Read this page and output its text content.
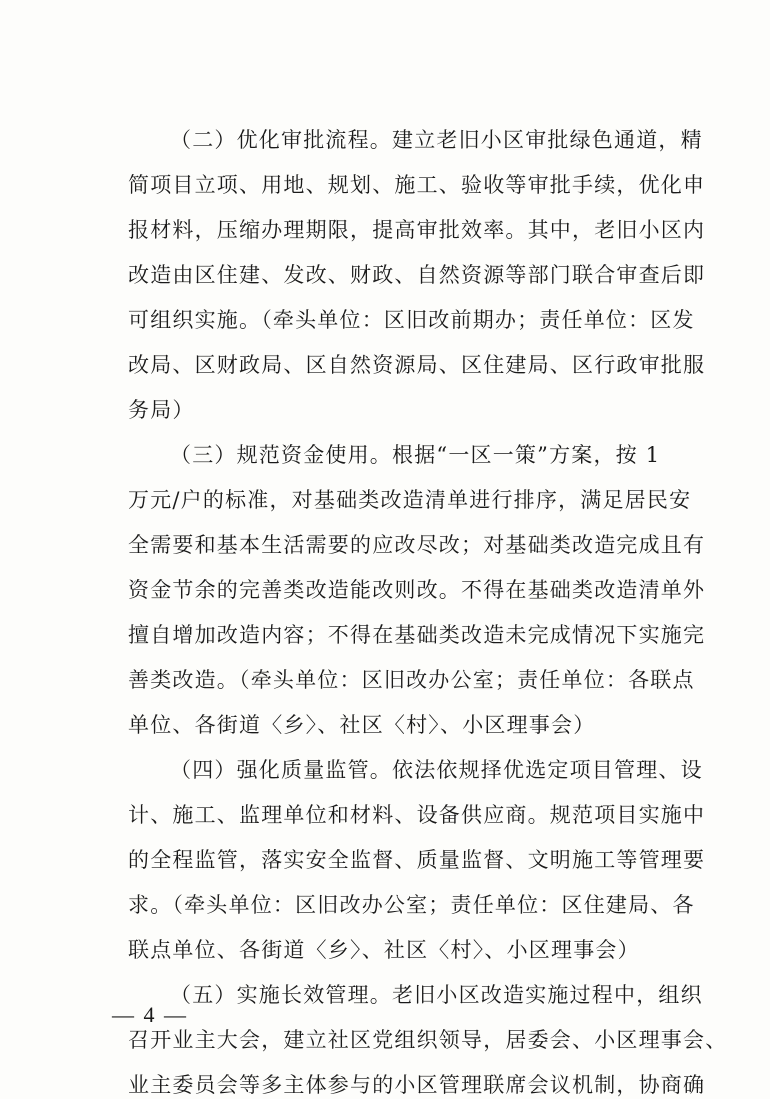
（二）优化审批流程。建立老旧小区审批绿色通道，精
简项目立项、用地、规划、施工、验收等审批手续，优化申
报材料，压缩办理期限，提高审批效率。其中，老旧小区内
改造由区住建、发改、财政、自然资源等部门联合审查后即
可组织实施。（牵头单位：区旧改前期办；责任单位：区发
改局、区财政局、区自然资源局、区住建局、区行政审批服
务局）
（三）规范资金使用。根据“一区一策”方案，按 1
万元/户的标准，对基础类改造清单进行排序，满足居民安
全需要和基本生活需要的应改尽改；对基础类改造完成且有
资金节余的完善类改造能改则改。不得在基础类改造清单外
擅自增加改造内容；不得在基础类改造未完成情况下实施完
善类改造。（牵头单位：区旧改办公室；责任单位：各联点
单位、各街道〈乡〉、社区〈村〉、小区理事会）
（四）强化质量监管。依法依规择优选定项目管理、设
计、施工、监理单位和材料、设备供应商。规范项目实施中
的全程监管，落实安全监督、质量监督、文明施工等管理要
求。（牵头单位：区旧改办公室；责任单位：区住建局、各
联点单位、各街道〈乡〉、社区〈村〉、小区理事会）
（五）实施长效管理。老旧小区改造实施过程中，组织
召开业主大会，建立社区党组织领导，居委会、小区理事会、
业主委员会等多主体参与的小区管理联席会议机制，协商确
— 4 —
